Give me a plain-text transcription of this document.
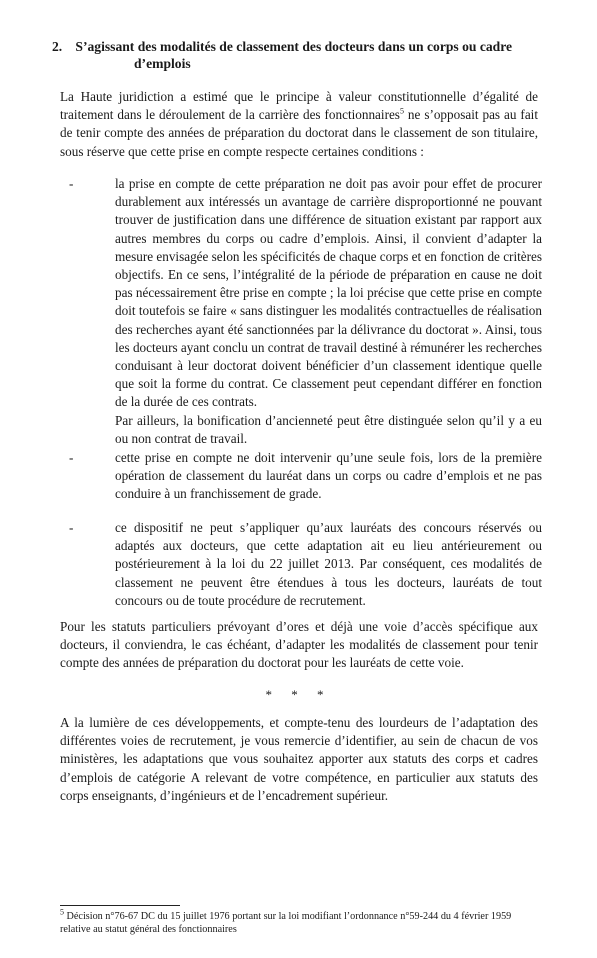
2. S’agissant des modalités de classement des docteurs dans un corps ou cadre
d’emplois
La Haute juridiction a estimé que le principe à valeur constitutionnelle d’égalité de traitement dans le déroulement de la carrière des fonctionnaires$^5$ ne s’opposait pas au fait de tenir compte des années de préparation du doctorat dans le classement de son titulaire, sous réserve que cette prise en compte respecte certaines conditions :
-	la prise en compte de cette préparation ne doit pas avoir pour effet de procurer durablement aux intéressés un avantage de carrière disproportionné ne pouvant trouver de justification dans une différence de situation existant par rapport aux autres membres du corps ou cadre d’emplois. Ainsi, il convient d’adapter la mesure envisagée selon les spécificités de chaque corps et en fonction de critères objectifs. En ce sens, l’intégralité de la période de préparation en cause ne doit pas nécessairement être prise en compte ; la loi précise que cette prise en compte doit toutefois se faire « sans distinguer les modalités contractuelles de réalisation des recherches ayant été sanctionnées par la délivrance du doctorat ». Ainsi, tous les docteurs ayant conclu un contrat de travail destiné à rémunérer les recherches conduisant à leur doctorat doivent bénéficier d’un classement identique quelle que soit la forme du contrat. Ce classement peut cependant différer en fonction de la durée de ces contrats.
Par ailleurs, la bonification d’ancienneté peut être distinguée selon qu’il y a eu ou non contrat de travail.
-	cette prise en compte ne doit intervenir qu’une seule fois, lors de la première opération de classement du lauréat dans un corps ou cadre d’emplois et ne pas conduire à un franchissement de grade.
-	ce dispositif ne peut s’appliquer qu’aux lauréats des concours réservés ou adaptés aux docteurs, que cette adaptation ait eu lieu antérieurement ou postérieurement à la loi du 22 juillet 2013. Par conséquent, ces modalités de classement ne peuvent être étendues à tous les docteurs, lauréats de tout concours ou de toute procédure de recrutement.
Pour les statuts particuliers prévoyant d’ores et déjà une voie d’accès spécifique aux docteurs, il conviendra, le cas échéant, d’adapter les modalités de classement pour tenir compte des années de préparation du doctorat pour les lauréats de cette voie.
* * *
A la lumière de ces développements, et compte-tenu des lourdeurs de l’adaptation des différentes voies de recrutement, je vous remercie d’identifier, au sein de chacun de vos ministères, les adaptations que vous souhaitez apporter aux statuts des corps et cadres d’emplois de catégorie A relevant de votre compétence, en particulier aux statuts des corps enseignants, d’ingénieurs et de l’encadrement supérieur.
$^5$ Décision n°76-67 DC du 15 juillet 1976 portant sur la loi modifiant l’ordonnance n°59-244 du 4 février 1959 relative au statut général des fonctionnaires
